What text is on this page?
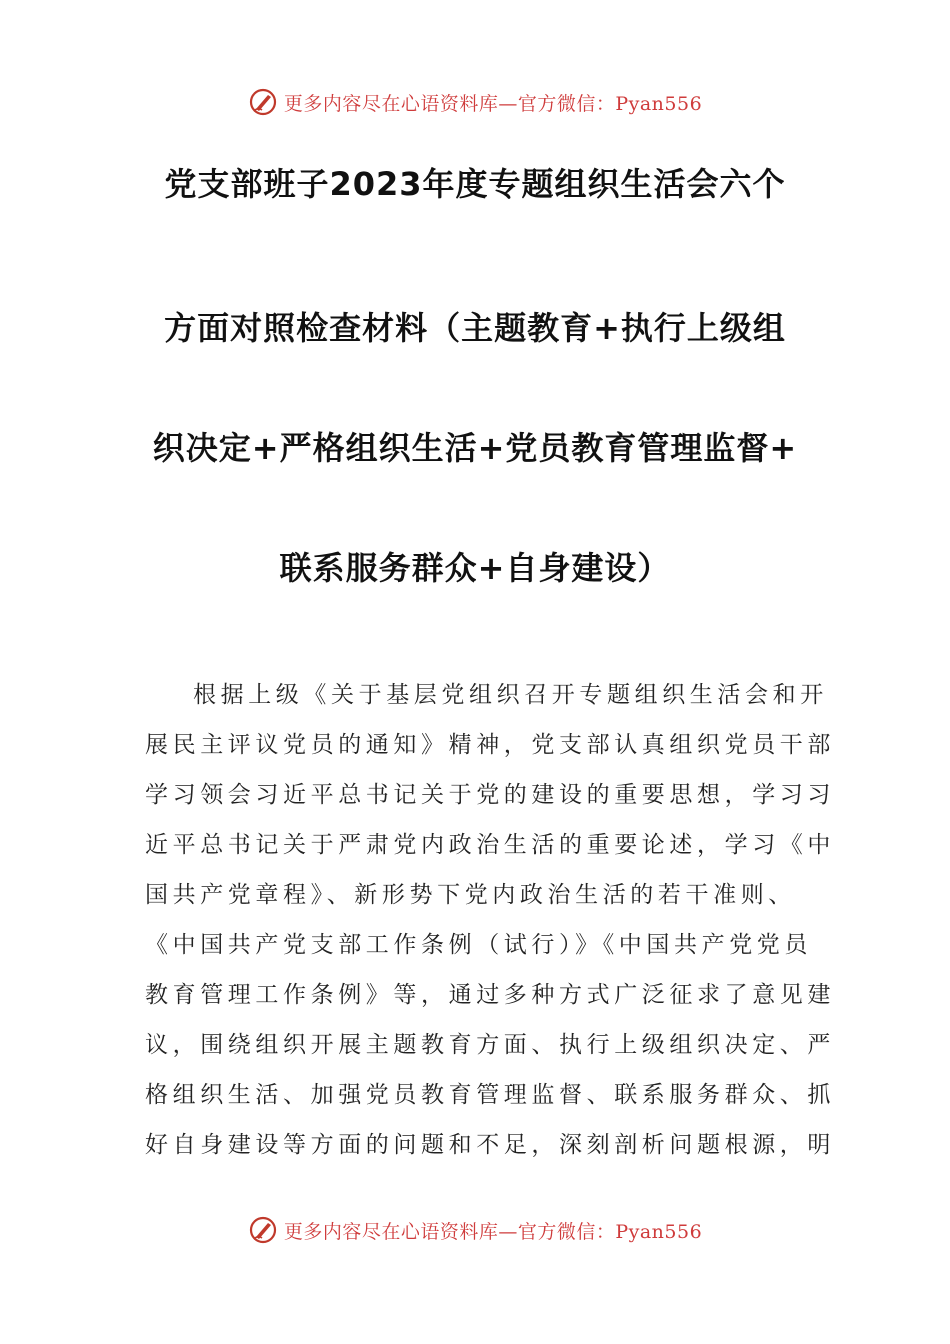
更多内容尽在心语资料库—官方微信：Pyan556
党支部班子2023年度专题组织生活会六个
方面对照检查材料（主题教育+执行上级组
织决定+严格组织生活+党员教育管理监督+
联系服务群众+自身建设）
根据上级《关于基层党组织召开专题组织生活会和开
展民主评议党员的通知》精神，党支部认真组织党员干部
学习领会习近平总书记关于党的建设的重要思想，学习习
近平总书记关于严肃党内政治生活的重要论述，学习《中
国共产党章程》、新形势下党内政治生活的若干准则、
《中国共产党支部工作条例（试行）》《中国共产党党员
教育管理工作条例》等，通过多种方式广泛征求了意见建
议，围绕组织开展主题教育方面、执行上级组织决定、严
格组织生活、加强党员教育管理监督、联系服务群众、抓
好自身建设等方面的问题和不足，深刻剖析问题根源，明
更多内容尽在心语资料库—官方微信：Pyan556
